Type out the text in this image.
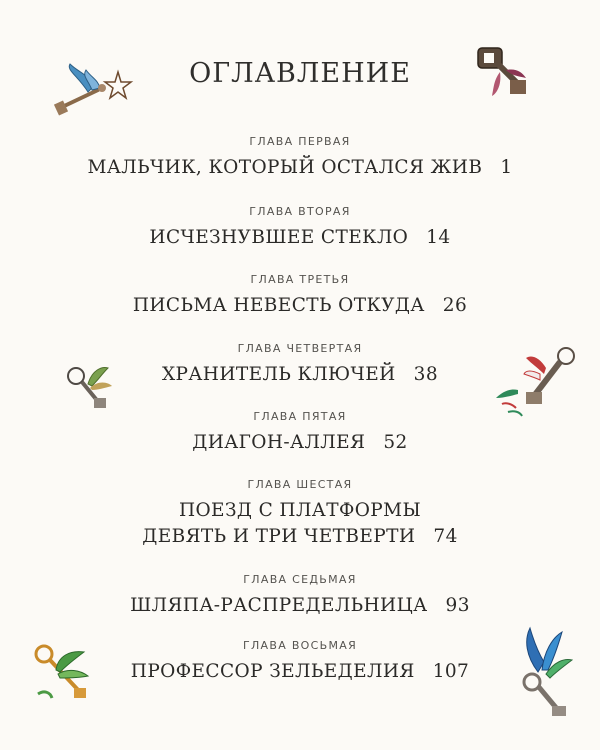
ОГЛАВЛЕНИЕ
ГЛАВА ПЕРВАЯ
МАЛЬЧИК, КОТОРЫЙ ОСТАЛСЯ ЖИВ 1
ГЛАВА ВТОРАЯ
ИСЧЕЗНУВШЕЕ СТЕКЛО 14
ГЛАВА ТРЕТЬЯ
ПИСЬМА НЕВЕСТЬ ОТКУДА 26
ГЛАВА ЧЕТВЕРТАЯ
ХРАНИТЕЛЬ КЛЮЧЕЙ 38
ГЛАВА ПЯТАЯ
ДИАГОН-АЛЛЕЯ 52
ГЛАВА ШЕСТАЯ
ПОЕЗД С ПЛАТФОРМЫ
ДЕВЯТЬ И ТРИ ЧЕТВЕРТИ 74
ГЛАВА СЕДЬМАЯ
ШЛЯПА-РАСПРЕДЕЛЬНИЦА 93
ГЛАВА ВОСЬМАЯ
ПРОФЕССОР ЗЕЛЬЕДЕЛИЯ 107
